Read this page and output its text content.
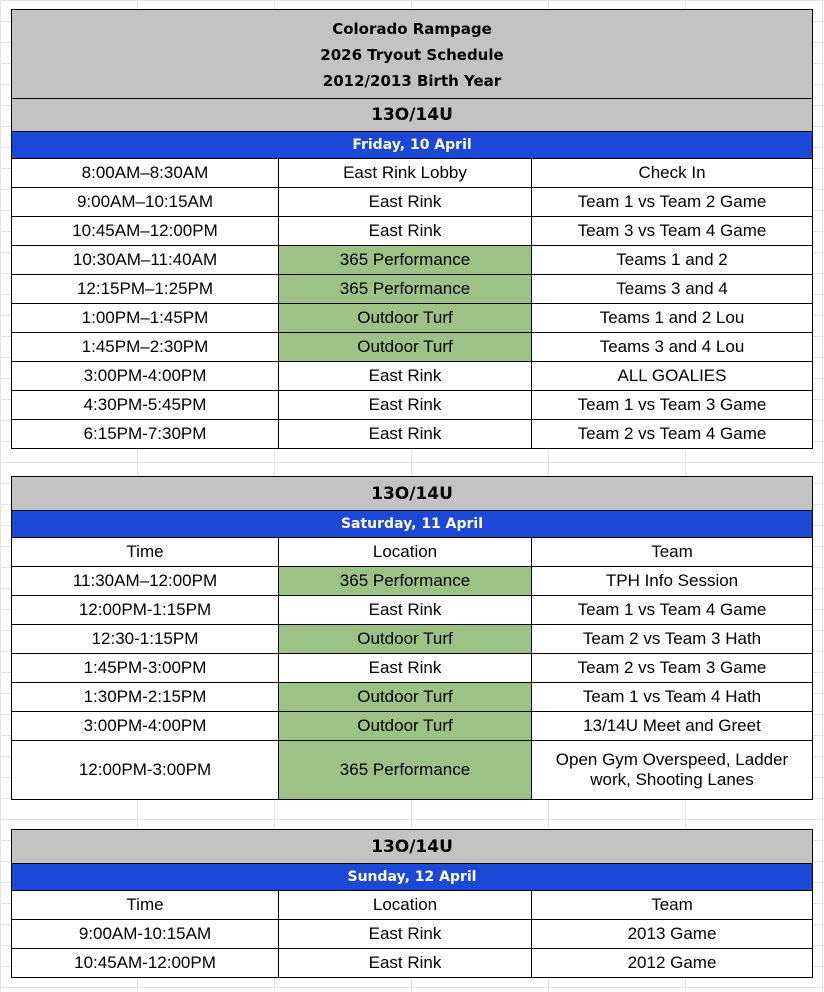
Colorado Rampage
2026 Tryout Schedule
2012/2013 Birth Year
13O/14U
Friday, 10 April
8:00AM–8:30AM	East Rink Lobby	Check In
9:00AM–10:15AM	East Rink	Team 1 vs Team 2 Game
10:45AM–12:00PM	East Rink	Team 3 vs Team 4 Game
10:30AM–11:40AM	365 Performance	Teams 1 and 2
12:15PM–1:25PM	365 Performance	Teams 3 and 4
1:00PM–1:45PM	Outdoor Turf	Teams 1 and 2 Lou
1:45PM–2:30PM	Outdoor Turf	Teams 3 and 4 Lou
3:00PM-4:00PM	East Rink	ALL GOALIES
4:30PM-5:45PM	East Rink	Team 1 vs Team 3 Game
6:15PM-7:30PM	East Rink	Team 2 vs Team 4 Game
13O/14U
Saturday, 11 April
Time	Location	Team
11:30AM–12:00PM	365 Performance	TPH Info Session
12:00PM-1:15PM	East Rink	Team 1 vs Team 4 Game
12:30-1:15PM	Outdoor Turf	Team 2 vs Team 3 Hath
1:45PM-3:00PM	East Rink	Team 2 vs Team 3 Game
1:30PM-2:15PM	Outdoor Turf	Team 1 vs Team 4 Hath
3:00PM-4:00PM	Outdoor Turf	13/14U Meet and Greet
12:00PM-3:00PM	365 Performance
Open Gym Overspeed, Ladder
work, Shooting Lanes
13O/14U
Sunday, 12 April
Time	Location	Team
9:00AM-10:15AM	East Rink	2013 Game
10:45AM-12:00PM	East Rink	2012 Game
